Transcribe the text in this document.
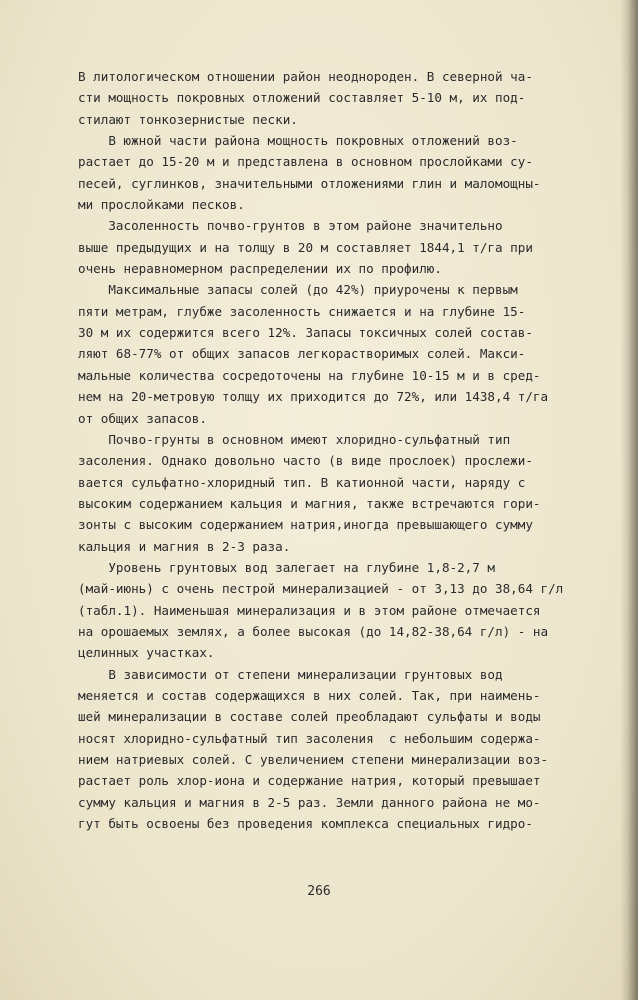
В литологическом отношении район неоднороден. В северной ча-
сти мощность покровных отложений составляет 5-10 м, их под-
стилают тонкозернистые пески.
В южной части района мощность покровных отложений воз-
растает до 15-20 м и представлена в основном прослойками су-
песей, суглинков, значительными отложениями глин и маломощны-
ми прослойками песков.
Засоленность почво-грунтов в этом районе значительно
выше предыдущих и на толщу в 20 м составляет 1844,1 т/га при
очень неравномерном распределении их по профилю.
Максимальные запасы солей (до 42%) приурочены к первым
пяти метрам, глубже засоленность снижается и на глубине 15-
30 м их содержится всего 12%. Запасы токсичных солей состав-
ляют 68-77% от общих запасов легкорастворимых солей. Макси-
мальные количества сосредоточены на глубине 10-15 м и в сред-
нем на 20-метровую толщу их приходится до 72%, или 1438,4 т/га
от общих запасов.
Почво-грунты в основном имеют хлоридно-сульфатный тип
засоления. Однако довольно часто (в виде прослоек) прослежи-
вается сульфатно-хлоридный тип. В катионной части, наряду с
высоким содержанием кальция и магния, также встречаются гори-
зонты с высоким содержанием натрия,иногда превышающего сумму
кальция и магния в 2-3 раза.
Уровень грунтовых вод залегает на глубине 1,8-2,7 м
(май-июнь) с очень пестрой минерализацией - от 3,13 до 38,64 г/л
(табл.1). Наименьшая минерализация и в этом районе отмечается
на орошаемых землях, а более высокая (до 14,82-38,64 г/л) - на
целинных участках.
В зависимости от степени минерализации грунтовых вод
меняется и состав содержащихся в них солей. Так, при наимень-
шей минерализации в составе солей преобладают сульфаты и воды
носят хлоридно-сульфатный тип засоления  с небольшим содержа-
нием натриевых солей. С увеличением степени минерализации воз-
растает роль хлор-иона и содержание натрия, который превышает
сумму кальция и магния в 2-5 раз. Земли данного района не мо-
гут быть освоены без проведения комплекса специальных гидро-
266
